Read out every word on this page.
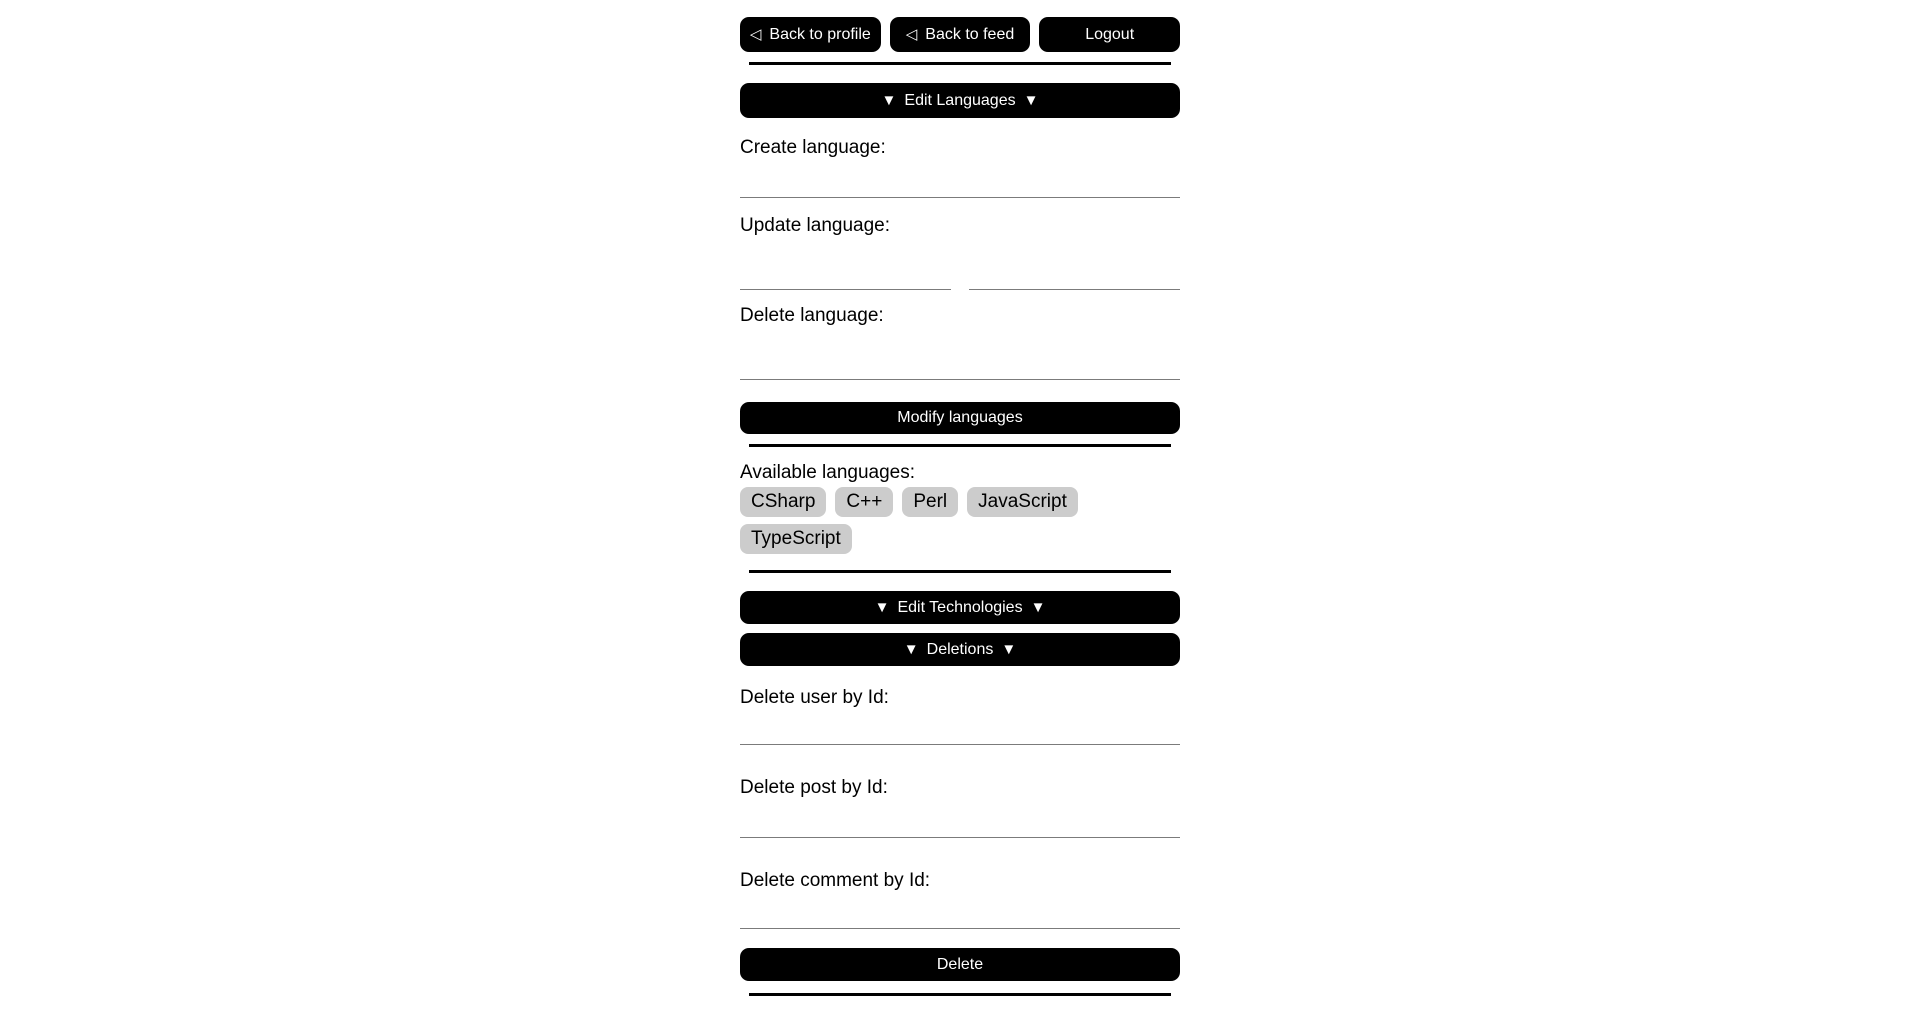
◁ Back to profile ◁ Back to feed	Logout
▼ Edit Languages ▼

Create language:

Update language:

Delete language:

Modify languages

Available languages:

CSharp	C++	Perl	JavaScript
TypeScript
▼ Edit Technologies ▼
▼ Deletions ▼

Delete user by Id:

Delete post by Id:

Delete comment by Id:

Delete
